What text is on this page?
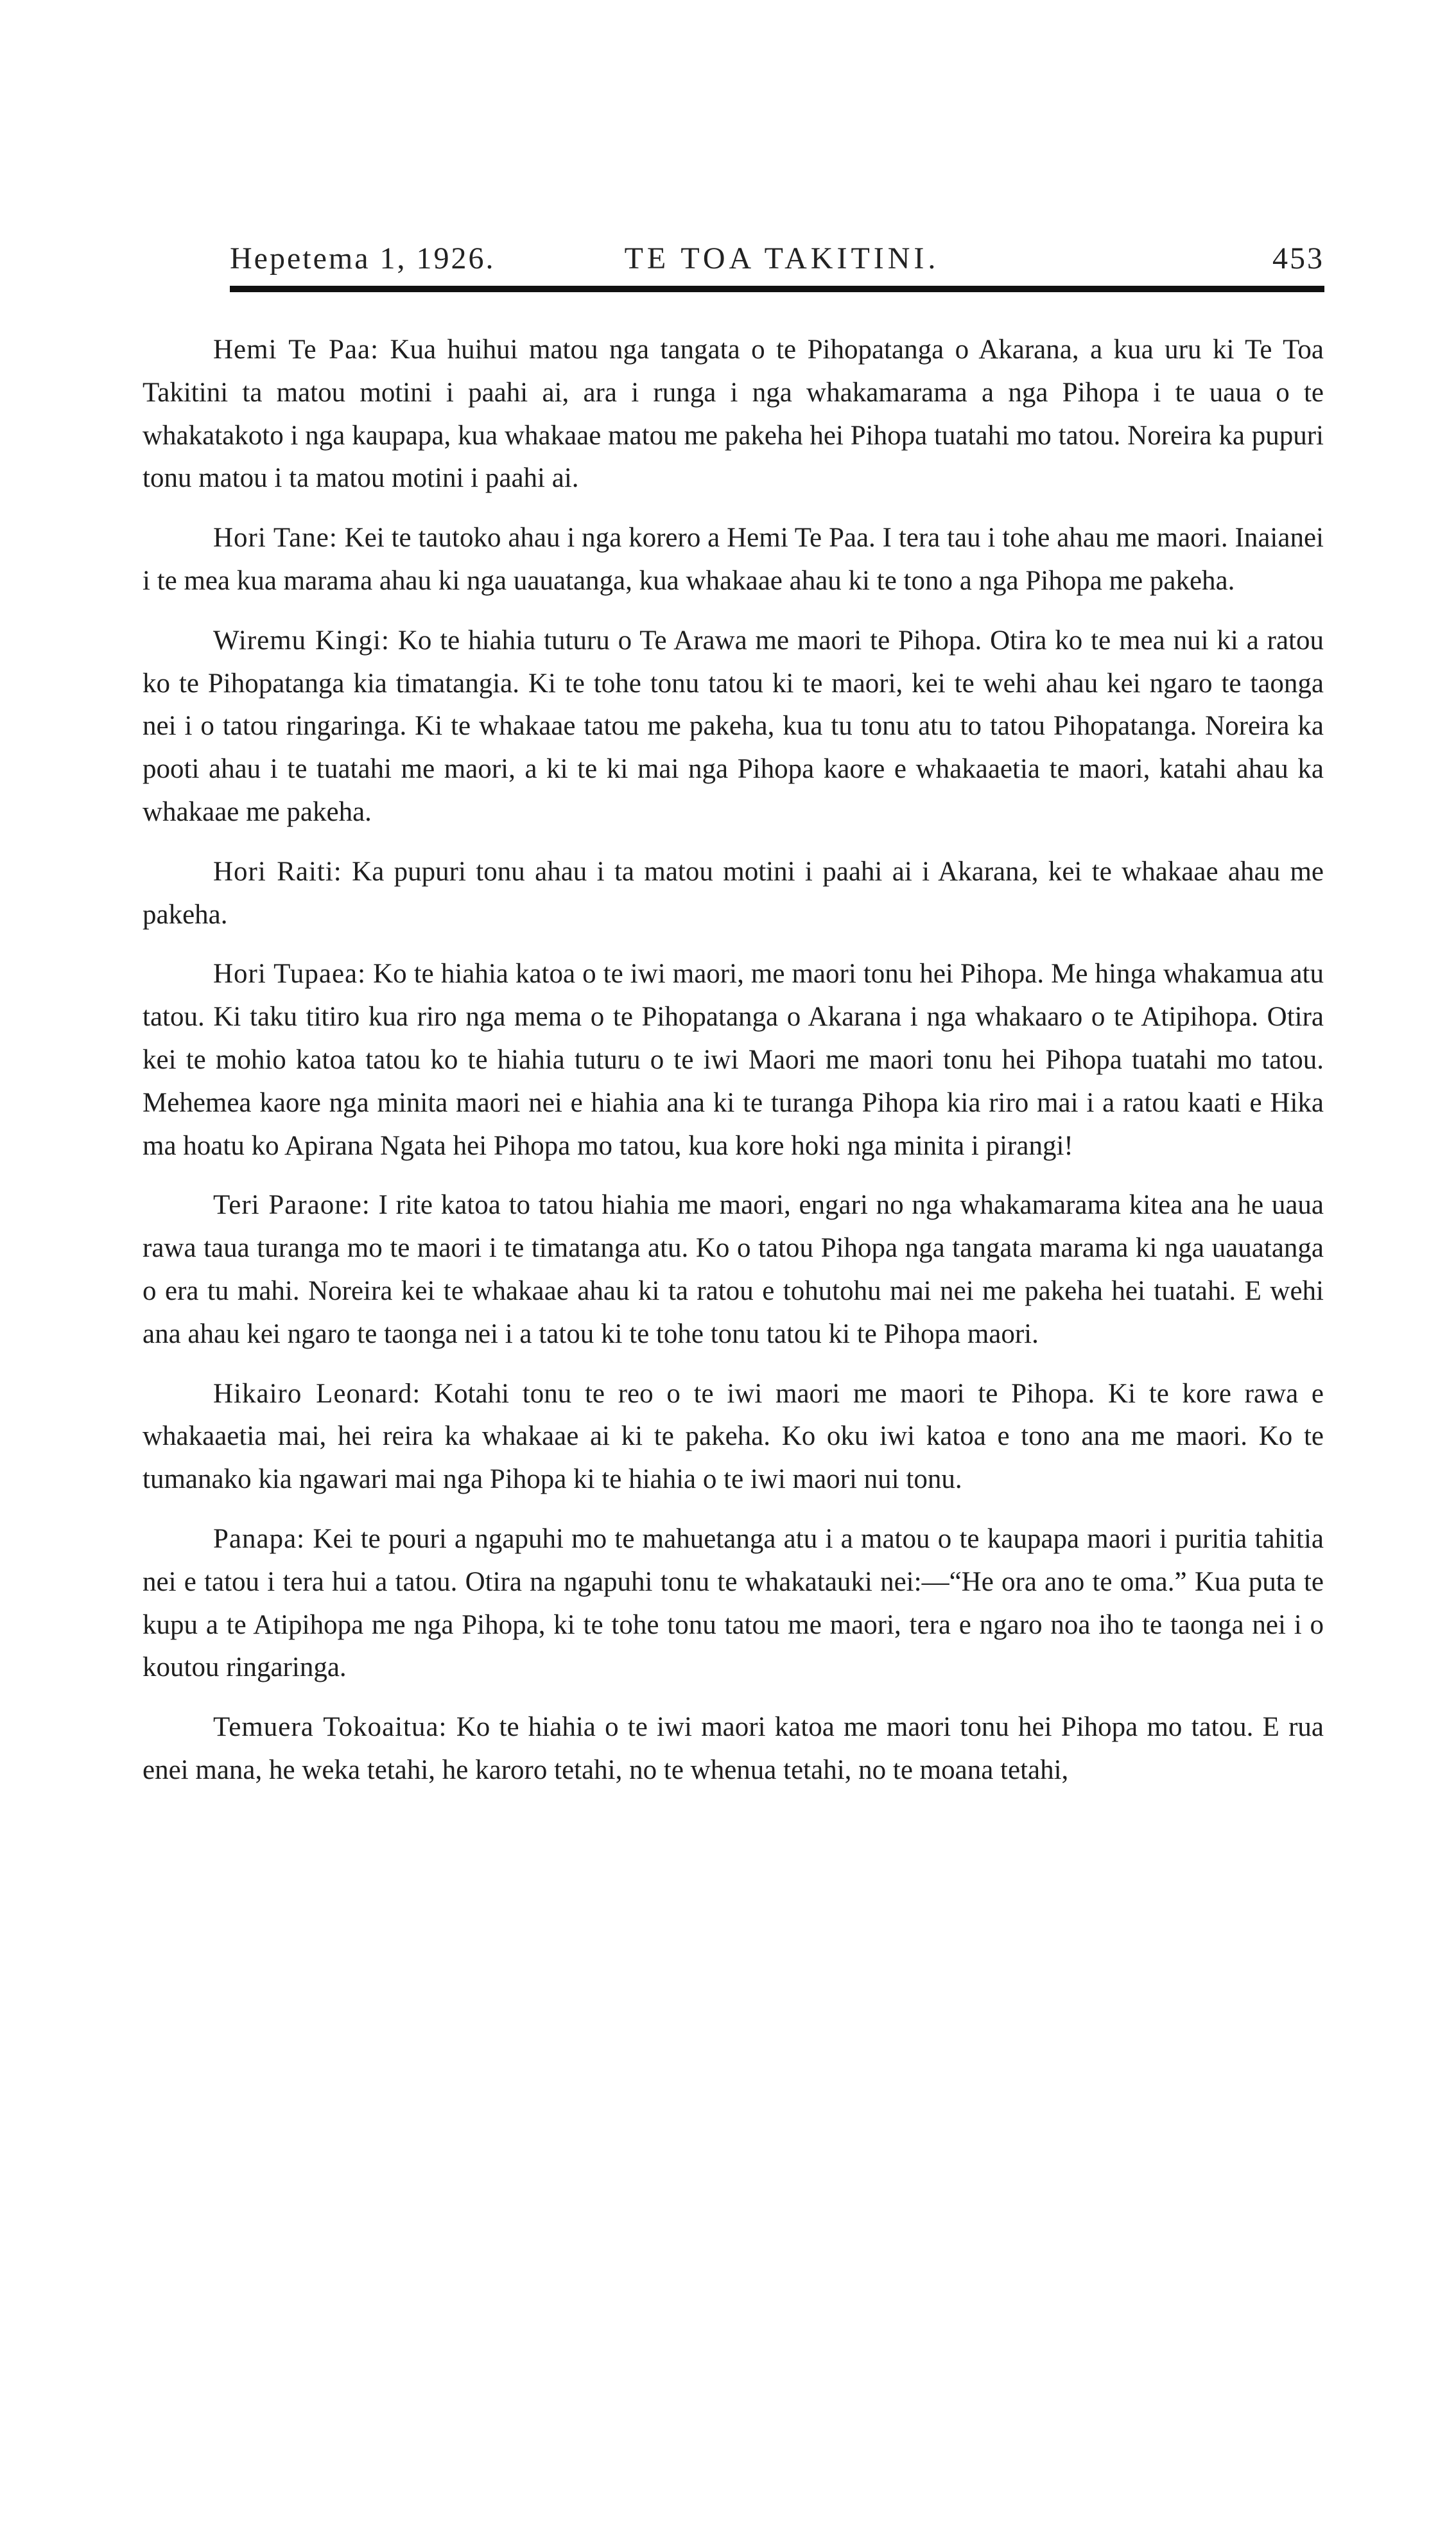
Hepetema 1, 1926.	TE TOA TAKITINI.	453

Hemi Te Paa: Kua huihui matou nga tangata o te Pihopatanga o Akarana, a kua uru ki Te Toa Takitini ta matou motini i paahi ai, ara i runga i nga whakamarama a nga Pihopa i te uaua o te whakatakoto i nga kaupapa, kua whakaae matou me pakeha hei Pihopa tuatahi mo tatou. Noreira ka pupuri tonu matou i ta matou motini i paahi ai.

Hori Tane: Kei te tautoko ahau i nga korero a Hemi Te Paa. I tera tau i tohe ahau me maori. Inaianei i te mea kua marama ahau ki nga uauatanga, kua whakaae ahau ki te tono a nga Pihopa me pakeha.

Wiremu Kingi: Ko te hiahia tuturu o Te Arawa me maori te Pihopa. Otira ko te mea nui ki a ratou ko te Pihopatanga kia timatangia. Ki te tohe tonu tatou ki te maori, kei te wehi ahau kei ngaro te taonga nei i o tatou ringaringa. Ki te whakaae tatou me pakeha, kua tu tonu atu to tatou Pihopatanga. Noreira ka pooti ahau i te tuatahi me maori, a ki te ki mai nga Pihopa kaore e whakaaetia te maori, katahi ahau ka whakaae me pakeha.

Hori Raiti: Ka pupuri tonu ahau i ta matou motini i paahi ai i Akarana, kei te whakaae ahau me pakeha.

Hori Tupaea: Ko te hiahia katoa o te iwi maori, me maori tonu hei Pihopa. Me hinga whakamua atu tatou. Ki taku titiro kua riro nga mema o te Pihopatanga o Akarana i nga whakaaro o te Atipihopa. Otira kei te mohio katoa tatou ko te hiahia tuturu o te iwi Maori me maori tonu hei Pihopa tuatahi mo tatou. Mehemea kaore nga minita maori nei e hiahia ana ki te turanga Pihopa kia riro mai i a ratou kaati e Hika ma hoatu ko Apirana Ngata hei Pihopa mo tatou, kua kore hoki nga minita i pirangi!

Teri Paraone: I rite katoa to tatou hiahia me maori, engari no nga whakamarama kitea ana he uaua rawa taua turanga mo te maori i te timatanga atu. Ko o tatou Pihopa nga tangata marama ki nga uauatanga o era tu mahi. Noreira kei te whakaae ahau ki ta ratou e tohutohu mai nei me pakeha hei tuatahi. E wehi ana ahau kei ngaro te taonga nei i a tatou ki te tohe tonu tatou ki te Pihopa maori.

Hikairo Leonard: Kotahi tonu te reo o te iwi maori me maori te Pihopa. Ki te kore rawa e whakaaetia mai, hei reira ka whakaae ai ki te pakeha. Ko oku iwi katoa e tono ana me maori. Ko te tumanako kia ngawari mai nga Pihopa ki te hiahia o te iwi maori nui tonu.

Panapa: Kei te pouri a ngapuhi mo te mahuetanga atu i a matou o te kaupapa maori i puritia tahitia nei e tatou i tera hui a tatou. Otira na ngapuhi tonu te whakatauki nei:—“He ora ano te oma.” Kua puta te kupu a te Atipihopa me nga Pihopa, ki te tohe tonu tatou me maori, tera e ngaro noa iho te taonga nei i o koutou ringaringa.

Temuera Tokoaitua: Ko te hiahia o te iwi maori katoa me maori tonu hei Pihopa mo tatou. E rua enei mana, he weka tetahi, he karoro tetahi, no te whenua tetahi, no te moana tetahi,
